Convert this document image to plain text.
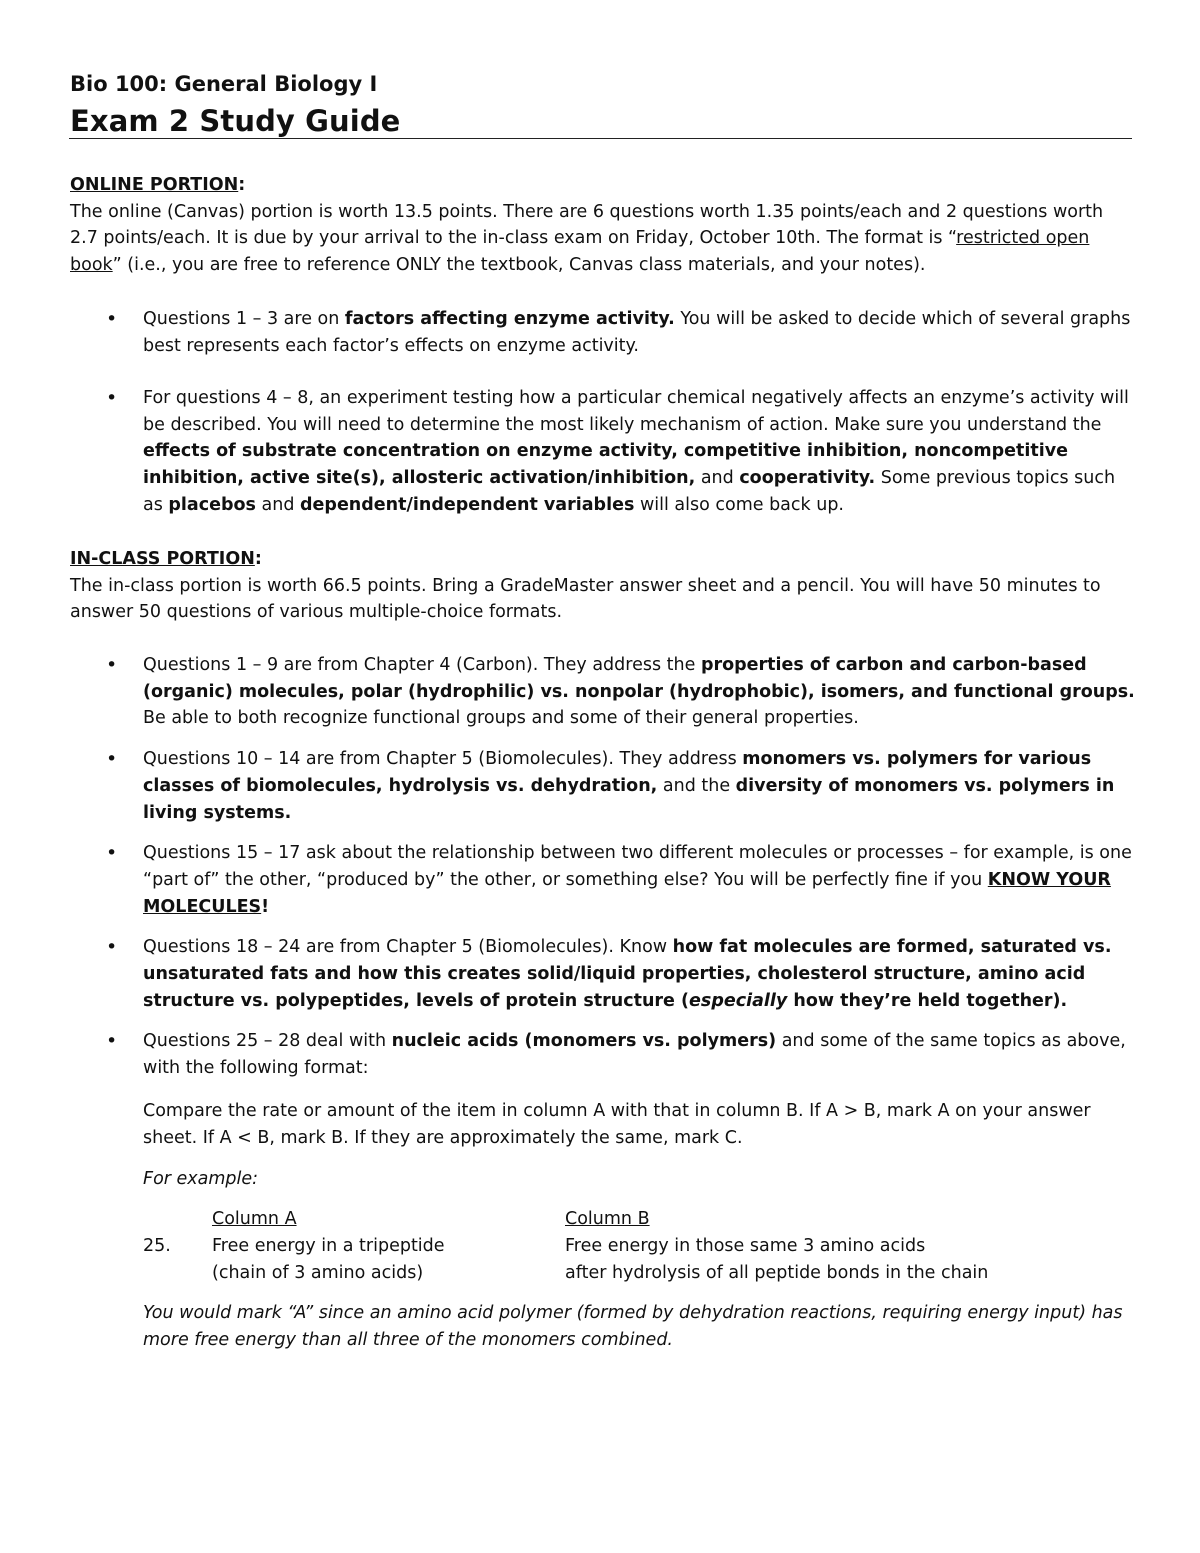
Bio 100: General Biology I
Exam 2 Study Guide
ONLINE PORTION:
The online (Canvas) portion is worth 13.5 points. There are 6 questions worth 1.35 points/each and 2 questions worth 2.7 points/each. It is due by your arrival to the in-class exam on Friday, October 10th. The format is “restricted open book” (i.e., you are free to reference ONLY the textbook, Canvas class materials, and your notes).
• Questions 1 – 3 are on factors affecting enzyme activity. You will be asked to decide which of several graphs best represents each factor’s effects on enzyme activity.
• For questions 4 – 8, an experiment testing how a particular chemical negatively affects an enzyme’s activity will be described. You will need to determine the most likely mechanism of action. Make sure you understand the effects of substrate concentration on enzyme activity, competitive inhibition, noncompetitive inhibition, active site(s), allosteric activation/inhibition, and cooperativity. Some previous topics such as placebos and dependent/independent variables will also come back up.
IN-CLASS PORTION:
The in-class portion is worth 66.5 points. Bring a GradeMaster answer sheet and a pencil. You will have 50 minutes to answer 50 questions of various multiple-choice formats.
• Questions 1 – 9 are from Chapter 4 (Carbon). They address the properties of carbon and carbon-based (organic) molecules, polar (hydrophilic) vs. nonpolar (hydrophobic), isomers, and functional groups. Be able to both recognize functional groups and some of their general properties.
• Questions 10 – 14 are from Chapter 5 (Biomolecules). They address monomers vs. polymers for various classes of biomolecules, hydrolysis vs. dehydration, and the diversity of monomers vs. polymers in living systems.
• Questions 15 – 17 ask about the relationship between two different molecules or processes – for example, is one “part of” the other, “produced by” the other, or something else? You will be perfectly fine if you KNOW YOUR MOLECULES!
• Questions 18 – 24 are from Chapter 5 (Biomolecules). Know how fat molecules are formed, saturated vs. unsaturated fats and how this creates solid/liquid properties, cholesterol structure, amino acid structure vs. polypeptides, levels of protein structure (especially how they’re held together).
• Questions 25 – 28 deal with nucleic acids (monomers vs. polymers) and some of the same topics as above, with the following format:
Compare the rate or amount of the item in column A with that in column B. If A > B, mark A on your answer sheet. If A < B, mark B. If they are approximately the same, mark C.
For example:
Column A	Column B
25. Free energy in a tripeptide
(chain of 3 amino acids)
Free energy in those same 3 amino acids
after hydrolysis of all peptide bonds in the chain
You would mark “A” since an amino acid polymer (formed by dehydration reactions, requiring energy input) has more free energy than all three of the monomers combined.
